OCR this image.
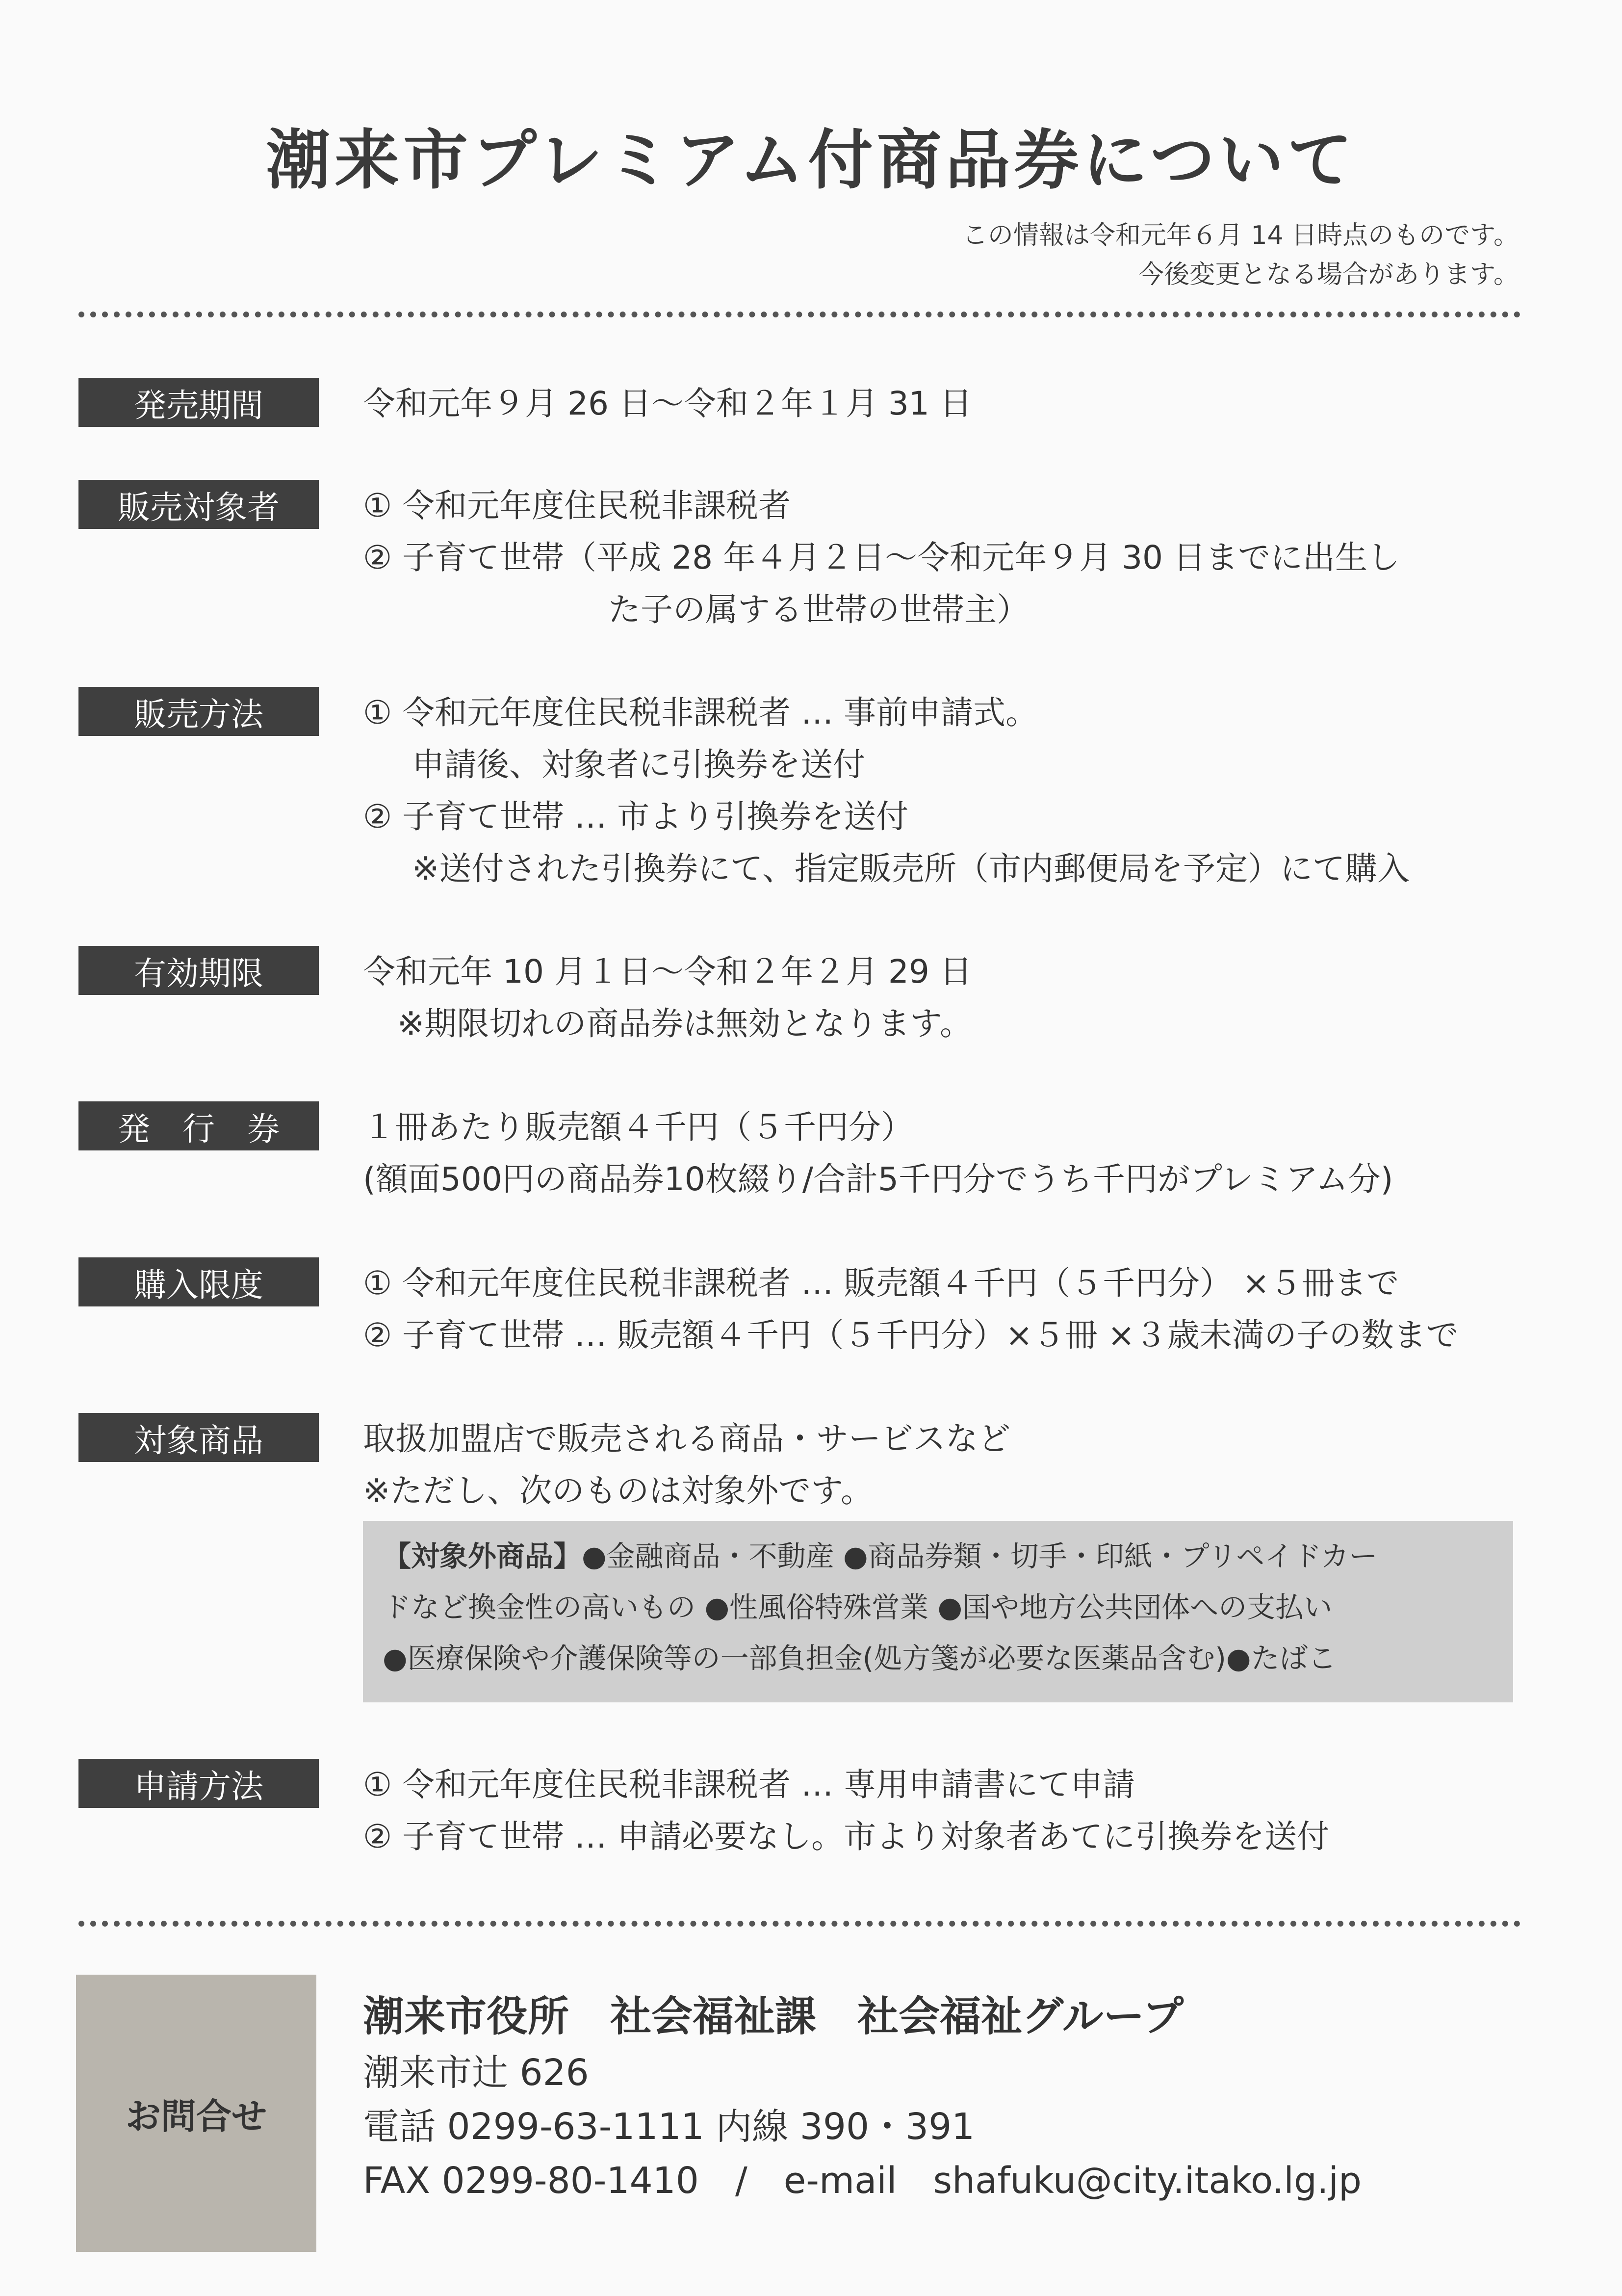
潮来市プレミアム付商品券について
この情報は令和元年６月 14 日時点のものです。
今後変更となる場合があります。
発売期間	令和元年９月 26 日〜令和２年１月 31 日
販売対象者	① 令和元年度住民税非課税者
② 子育て世帯（平成 28 年４月２日〜令和元年９月 30 日までに出生し
た子の属する世帯の世帯主）
販売方法	① 令和元年度住民税非課税者 … 事前申請式。
申請後、対象者に引換券を送付
② 子育て世帯 … 市より引換券を送付
※送付された引換券にて、指定販売所（市内郵便局を予定）にて購入
有効期限	令和元年 10 月１日〜令和２年２月 29 日
※期限切れの商品券は無効となります。
発　行　券	１冊あたり販売額４千円（５千円分）
(額面500円の商品券10枚綴り/合計5千円分でうち千円がプレミアム分)
購入限度	① 令和元年度住民税非課税者 … 販売額４千円（５千円分） ×５冊まで
② 子育て世帯 … 販売額４千円（５千円分）×５冊 ×３歳未満の子の数まで
対象商品	取扱加盟店で販売される商品・サービスなど
※ただし、次のものは対象外です。
【対象外商品】●金融商品・不動産 ●商品券類・切手・印紙・プリペイドカー
ドなど換金性の高いもの ●性風俗特殊営業 ●国や地方公共団体への支払い
●医療保険や介護保険等の一部負担金(処方箋が必要な医薬品含む)●たばこ
申請方法	① 令和元年度住民税非課税者 … 専用申請書にて申請
② 子育て世帯 … 申請必要なし。市より対象者あてに引換券を送付
お問合せ
潮来市役所　社会福祉課　社会福祉グループ
潮来市辻 626
電話 0299-63-1111 内線 390・391
FAX 0299-80-1410　/　e-mail　shafuku@city.itako.lg.jp
